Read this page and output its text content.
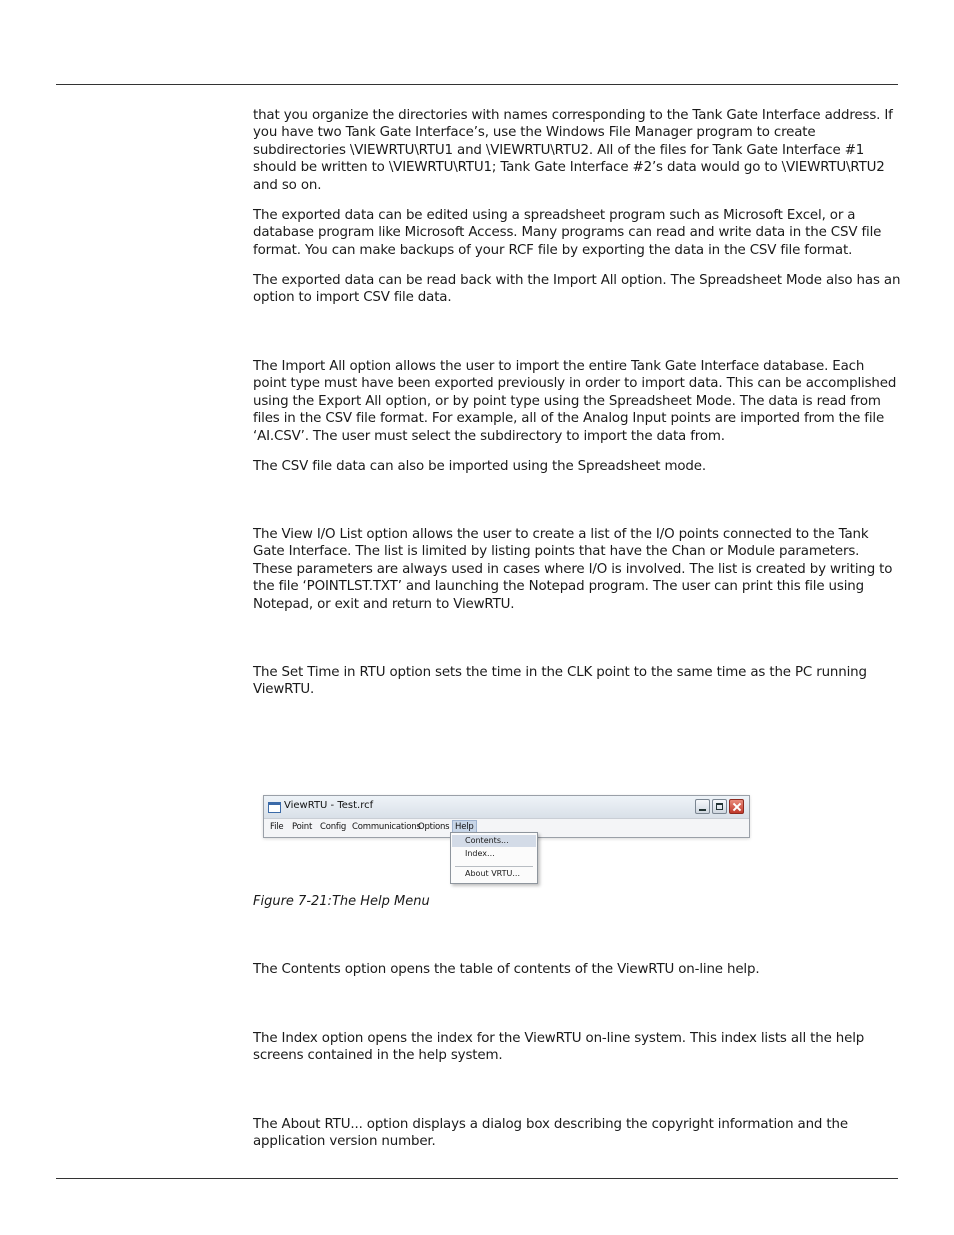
that you organize the directories with names corresponding to the Tank Gate Interface address. If you have two Tank Gate Interface’s, use the Windows File Manager program to create subdirectories \VIEWRTU\RTU1 and \VIEWRTU\RTU2. All of the files for Tank Gate Interface #1 should be written to \VIEWRTU\RTU1; Tank Gate Interface #2’s data would go to \VIEWRTU\RTU2 and so on.

The exported data can be edited using a spreadsheet program such as Microsoft Excel, or a database program like Microsoft Access. Many programs can read and write data in the CSV file format. You can make backups of your RCF file by exporting the data in the CSV file format.

The exported data can be read back with the Import All option. The Spreadsheet Mode also has an option to import CSV file data.

The Import All option allows the user to import the entire Tank Gate Interface database. Each point type must have been exported previously in order to import data. This can be accomplished using the Export All option, or by point type using the Spreadsheet Mode. The data is read from files in the CSV file format. For example, all of the Analog Input points are imported from the file ‘AI.CSV’. The user must select the subdirectory to import the data from.

The CSV file data can also be imported using the Spreadsheet mode.

The View I/O List option allows the user to create a list of the I/O points connected to the Tank Gate Interface. The list is limited by listing points that have the Chan or Module parameters. These parameters are always used in cases where I/O is involved. The list is created by writing to the file ‘POINTLST.TXT’ and launching the Notepad program. The user can print this file using Notepad, or exit and return to ViewRTU.

The Set Time in RTU option sets the time in the CLK point to the same time as the PC running ViewRTU.

ViewRTU - Test.rcf
File Point Config Communications
Options Help
Contents...
Index...
About VRTU...

Figure 7-21:The Help Menu

The Contents option opens the table of contents of the ViewRTU on-line help.

The Index option opens the index for the ViewRTU on-line system. This index lists all the help screens contained in the help system.

The About RTU... option displays a dialog box describing the copyright information and the application version number.
